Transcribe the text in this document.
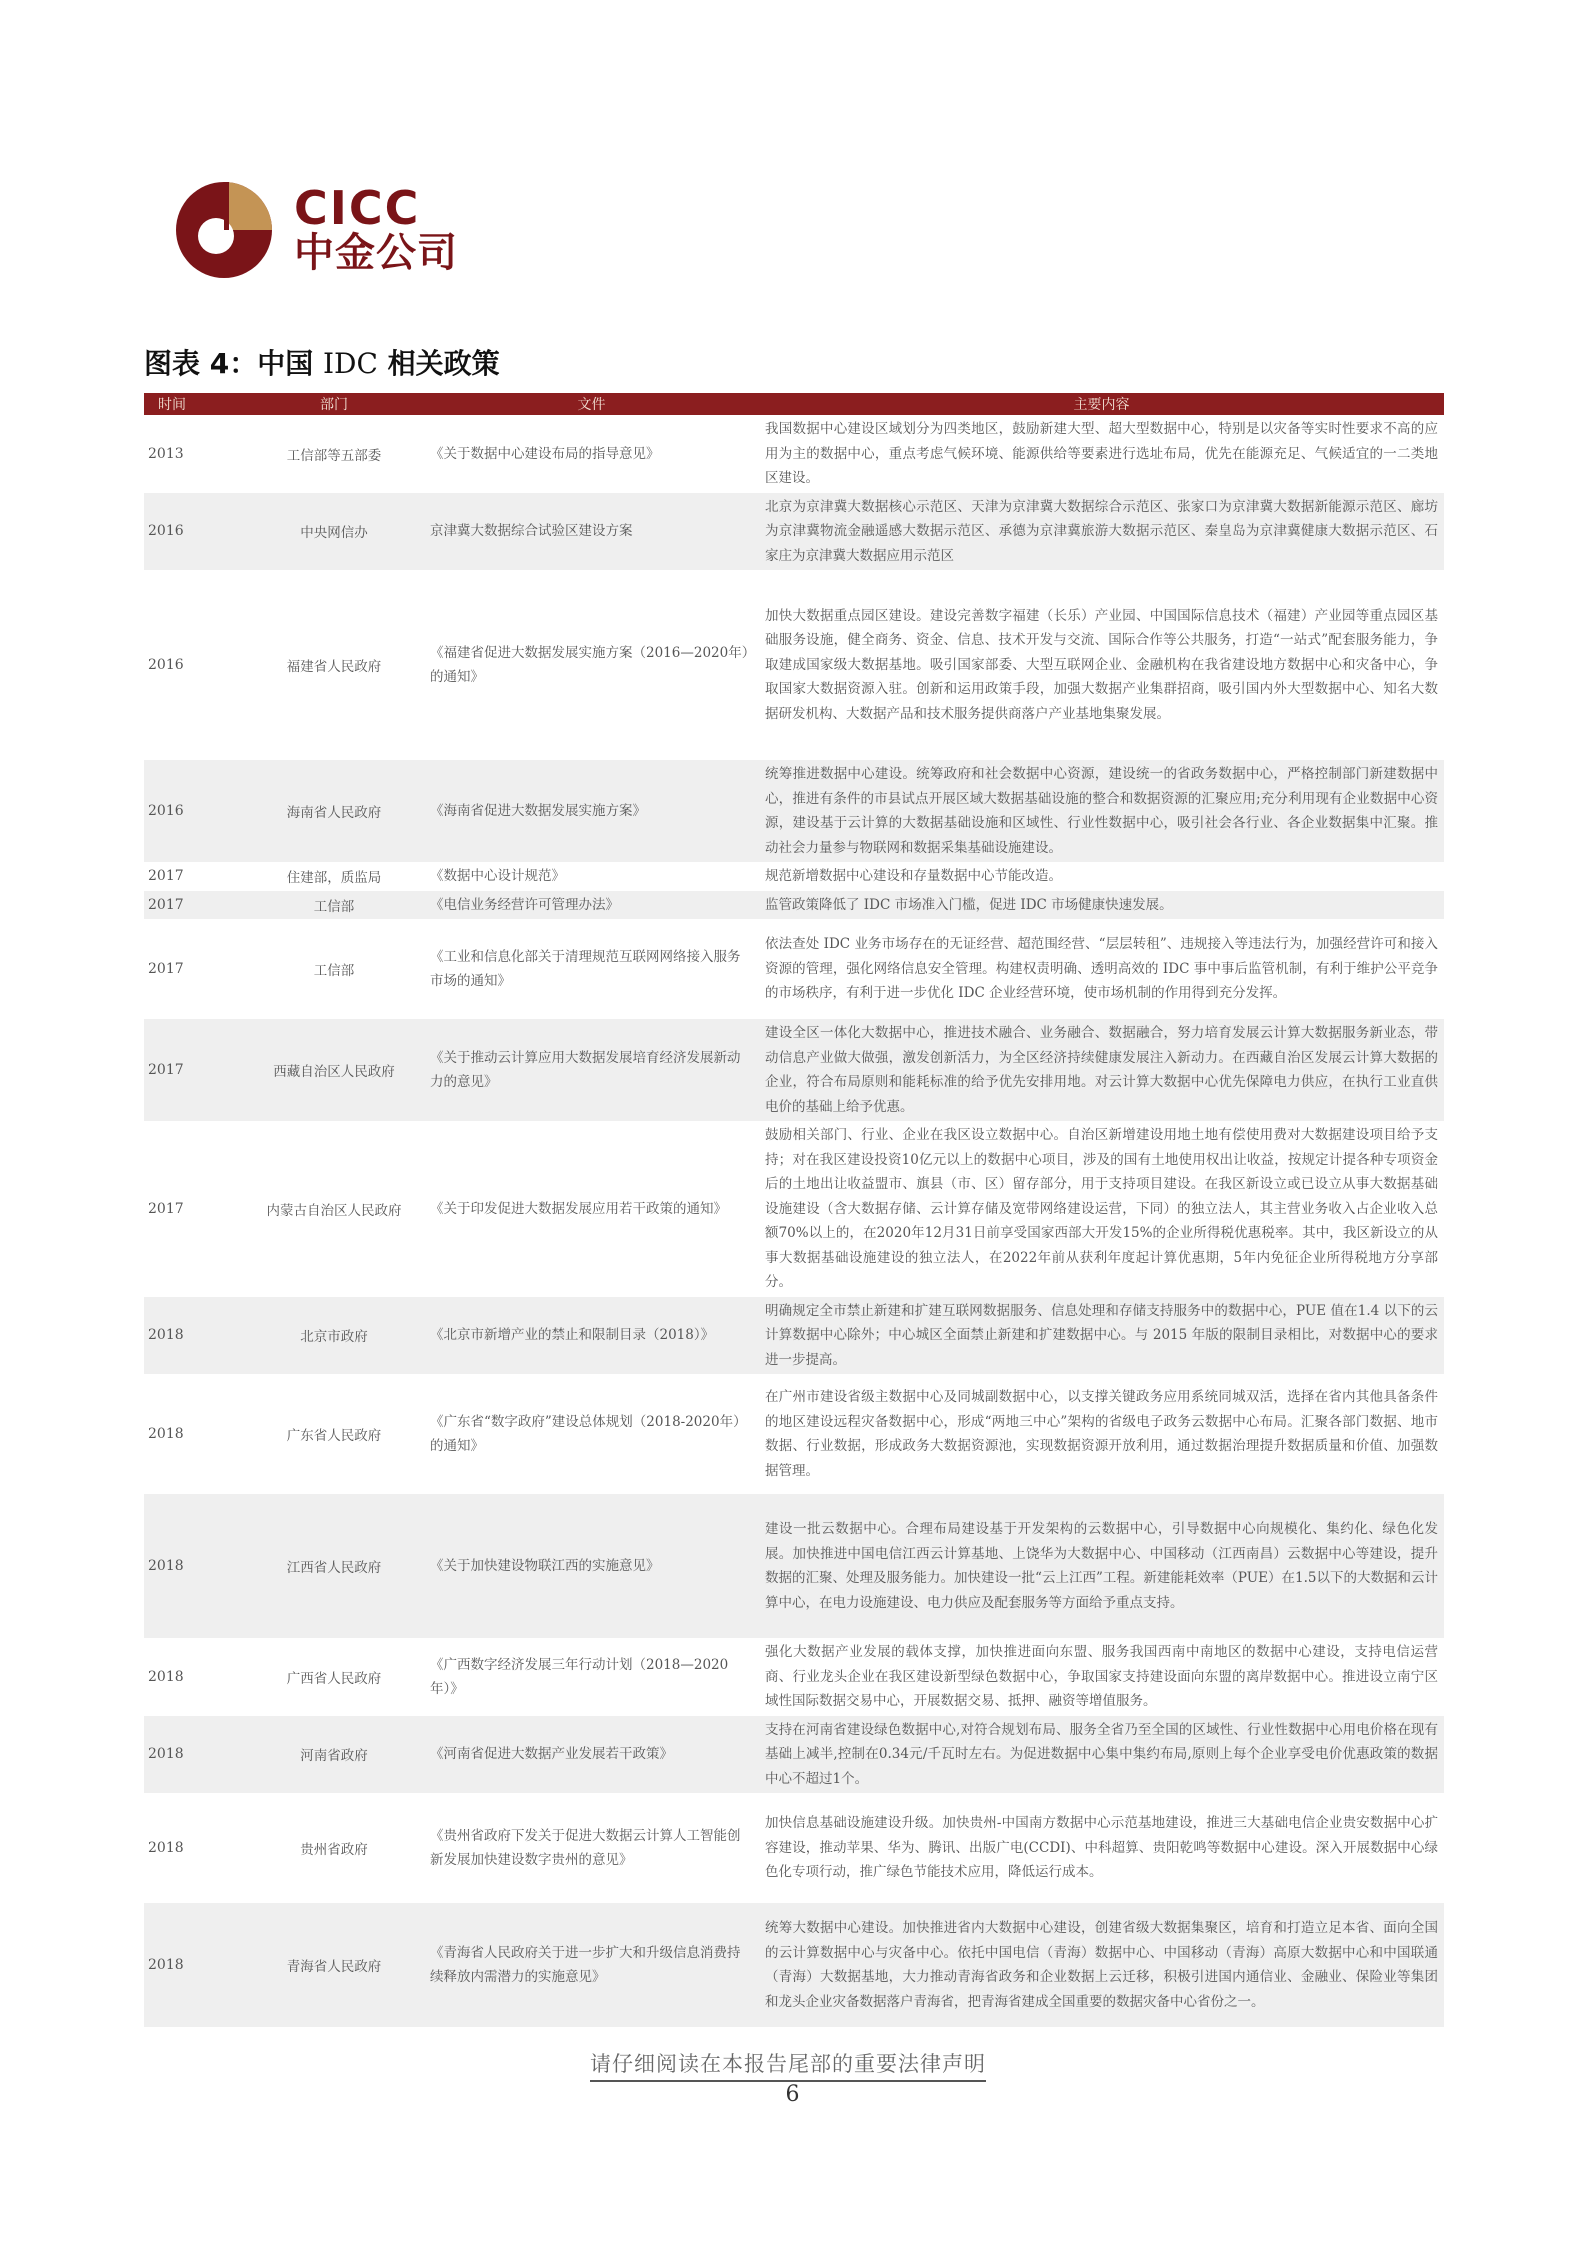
CICC
中金公司
图表 4：中国 IDC 相关政策
时间	部门	文件	主要内容
2013	工信部等五部委	《关于数据中心建设布局的指导意见》	我国数据中心建设区域划分为四类地区，鼓励新建大型、超大型数据中心，特别是以灾备等实时性要求不高的应用为主的数据中心，重点考虑气候环境、能源供给等要素进行选址布局，优先在能源充足、气候适宜的一二类地区建设。
2016	中央网信办	京津冀大数据综合试验区建设方案	北京为京津冀大数据核心示范区、天津为京津冀大数据综合示范区、张家口为京津冀大数据新能源示范区、廊坊为京津冀物流金融遥感大数据示范区、承德为京津冀旅游大数据示范区、秦皇岛为京津冀健康大数据示范区、石家庄为京津冀大数据应用示范区
2016	福建省人民政府	《福建省促进大数据发展实施方案（2016—2020年）的通知》	加快大数据重点园区建设。建设完善数字福建（长乐）产业园、中国国际信息技术（福建）产业园等重点园区基础服务设施，健全商务、资金、信息、技术开发与交流、国际合作等公共服务，打造“一站式”配套服务能力，争取建成国家级大数据基地。吸引国家部委、大型互联网企业、金融机构在我省建设地方数据中心和灾备中心，争取国家大数据资源入驻。创新和运用政策手段，加强大数据产业集群招商，吸引国内外大型数据中心、知名大数据研发机构、大数据产品和技术服务提供商落户产业基地集聚发展。
2016	海南省人民政府	《海南省促进大数据发展实施方案》	统筹推进数据中心建设。统筹政府和社会数据中心资源，建设统一的省政务数据中心，严格控制部门新建数据中心，推进有条件的市县试点开展区域大数据基础设施的整合和数据资源的汇聚应用;充分利用现有企业数据中心资源，建设基于云计算的大数据基础设施和区域性、行业性数据中心，吸引社会各行业、各企业数据集中汇聚。推动社会力量参与物联网和数据采集基础设施建设。
2017	住建部，质监局	《数据中心设计规范》	规范新增数据中心建设和存量数据中心节能改造。
2017	工信部	《电信业务经营许可管理办法》	监管政策降低了 IDC 市场准入门槛，促进 IDC 市场健康快速发展。
2017	工信部	《工业和信息化部关于清理规范互联网网络接入服务市场的通知》	依法查处 IDC 业务市场存在的无证经营、超范围经营、“层层转租”、违规接入等违法行为，加强经营许可和接入资源的管理，强化网络信息安全管理。构建权责明确、透明高效的 IDC 事中事后监管机制，有利于维护公平竞争的市场秩序，有利于进一步优化 IDC 企业经营环境，使市场机制的作用得到充分发挥。
2017	西藏自治区人民政府	《关于推动云计算应用大数据发展培育经济发展新动力的意见》	建设全区一体化大数据中心，推进技术融合、业务融合、数据融合，努力培育发展云计算大数据服务新业态，带动信息产业做大做强，激发创新活力，为全区经济持续健康发展注入新动力。在西藏自治区发展云计算大数据的企业，符合布局原则和能耗标准的给予优先安排用地。对云计算大数据中心优先保障电力供应，在执行工业直供电价的基础上给予优惠。
2017	内蒙古自治区人民政府	《关于印发促进大数据发展应用若干政策的通知》	鼓励相关部门、行业、企业在我区设立数据中心。自治区新增建设用地土地有偿使用费对大数据建设项目给予支持；对在我区建设投资10亿元以上的数据中心项目，涉及的国有土地使用权出让收益，按规定计提各种专项资金后的土地出让收益盟市、旗县（市、区）留存部分，用于支持项目建设。在我区新设立或已设立从事大数据基础设施建设（含大数据存储、云计算存储及宽带网络建设运营，下同）的独立法人，其主营业务收入占企业收入总额70%以上的，在2020年12月31日前享受国家西部大开发15%的企业所得税优惠税率。其中，我区新设立的从事大数据基础设施建设的独立法人，在2022年前从获利年度起计算优惠期，5年内免征企业所得税地方分享部分。
2018	北京市政府	《北京市新增产业的禁止和限制目录（2018）》	明确规定全市禁止新建和扩建互联网数据服务、信息处理和存储支持服务中的数据中心，PUE 值在1.4 以下的云计算数据中心除外；中心城区全面禁止新建和扩建数据中心。与 2015 年版的限制目录相比，对数据中心的要求进一步提高。
2018	广东省人民政府	《广东省“数字政府”建设总体规划（2018-2020年）的通知》	在广州市建设省级主数据中心及同城副数据中心，以支撑关键政务应用系统同城双活，选择在省内其他具备条件的地区建设远程灾备数据中心，形成“两地三中心”架构的省级电子政务云数据中心布局。汇聚各部门数据、地市数据、行业数据，形成政务大数据资源池，实现数据资源开放利用，通过数据治理提升数据质量和价值、加强数据管理。
2018	江西省人民政府	《关于加快建设物联江西的实施意见》	建设一批云数据中心。合理布局建设基于开发架构的云数据中心，引导数据中心向规模化、集约化、绿色化发展。加快推进中国电信江西云计算基地、上饶华为大数据中心、中国移动（江西南昌）云数据中心等建设，提升数据的汇聚、处理及服务能力。加快建设一批“云上江西”工程。新建能耗效率（PUE）在1.5以下的大数据和云计算中心，在电力设施建设、电力供应及配套服务等方面给予重点支持。
2018	广西省人民政府	《广西数字经济发展三年行动计划（2018—2020年）》	强化大数据产业发展的载体支撑，加快推进面向东盟、服务我国西南中南地区的数据中心建设，支持电信运营商、行业龙头企业在我区建设新型绿色数据中心，争取国家支持建设面向东盟的离岸数据中心。推进设立南宁区域性国际数据交易中心，开展数据交易、抵押、融资等增值服务。
2018	河南省政府	《河南省促进大数据产业发展若干政策》	支持在河南省建设绿色数据中心,对符合规划布局、服务全省乃至全国的区域性、行业性数据中心用电价格在现有基础上减半,控制在0.34元/千瓦时左右。为促进数据中心集中集约布局,原则上每个企业享受电价优惠政策的数据中心不超过1个。
2018	贵州省政府	《贵州省政府下发关于促进大数据云计算人工智能创新发展加快建设数字贵州的意见》	加快信息基础设施建设升级。加快贵州-中国南方数据中心示范基地建设，推进三大基础电信企业贵安数据中心扩容建设，推动苹果、华为、腾讯、出版广电(CCDI)、中科超算、贵阳乾鸣等数据中心建设。深入开展数据中心绿色化专项行动，推广绿色节能技术应用，降低运行成本。
2018	青海省人民政府	《青海省人民政府关于进一步扩大和升级信息消费持续释放内需潜力的实施意见》	统筹大数据中心建设。加快推进省内大数据中心建设，创建省级大数据集聚区，培育和打造立足本省、面向全国的云计算数据中心与灾备中心。依托中国电信（青海）数据中心、中国移动（青海）高原大数据中心和中国联通（青海）大数据基地，大力推动青海省政务和企业数据上云迁移，积极引进国内通信业、金融业、保险业等集团和龙头企业灾备数据落户青海省，把青海省建成全国重要的数据灾备中心省份之一。
请仔细阅读在本报告尾部的重要法律声明
6
